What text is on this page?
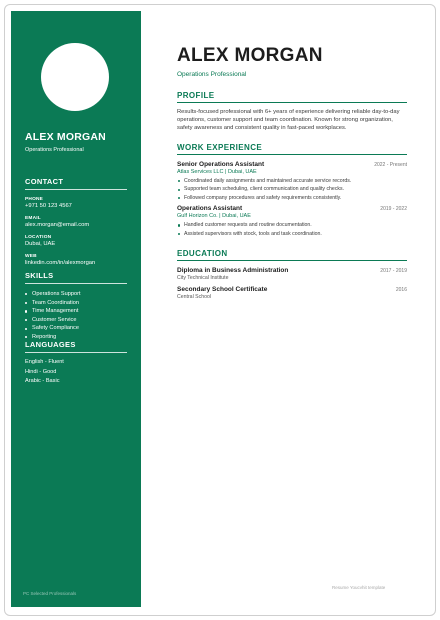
ALEX MORGAN
Operations Professional
CONTACT
PHONE
+971 50 123 4567
EMAIL
alex.morgan@email.com
LOCATION
Dubai, UAE
WEB
linkedin.com/in/alexmorgan
SKILLS
Operations Support
Team Coordination
Time Management
Customer Service
Safety Compliance
Reporting
LANGUAGES
English - Fluent
Hindi - Good
Arabic - Basic
PC Selected Professionals
ALEX MORGAN
Operations Professional
PROFILE
Results-focused professional with 6+ years of experience delivering reliable day-to-day operations, customer support and team coordination. Known for strong organization, safety awareness and consistent quality in fast-paced workplaces.
WORK EXPERIENCE
Senior Operations Assistant	2022 - Present
Atlas Services LLC | Dubai, UAE
Coordinated daily assignments and maintained accurate service records.
Supported team scheduling, client communication and quality checks.
Followed company procedures and safety requirements consistently.
Operations Assistant	2019 - 2022
Gulf Horizon Co. | Dubai, UAE
Handled customer requests and routine documentation.
Assisted supervisors with stock, tools and task coordination.
EDUCATION
Diploma in Business Administration	2017 - 2019
City Technical Institute
Secondary School Certificate	2016
Central School
Resume Youcvhit template
